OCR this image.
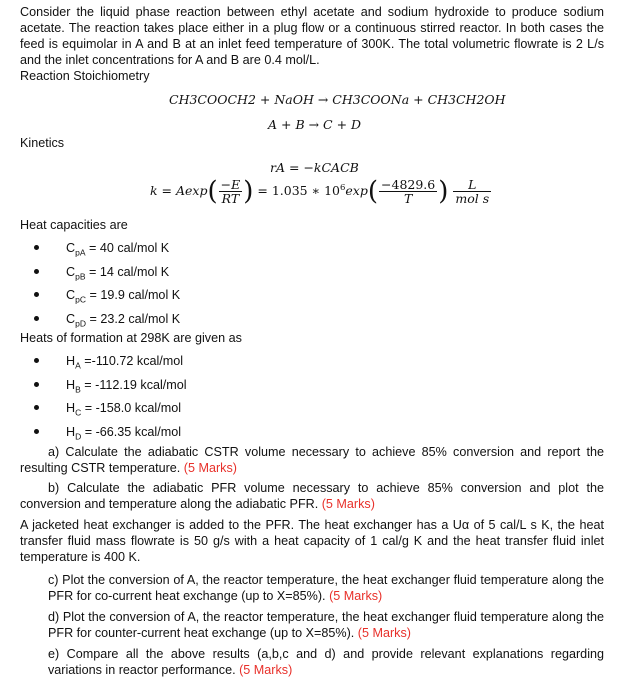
Consider the liquid phase reaction between ethyl acetate and sodium hydroxide to produce sodium acetate. The reaction takes place either in a plug flow or a continuous stirred reactor. In both cases the feed is equimolar in A and B at an inlet feed temperature of 300K. The total volumetric flowrate is 2 L/s and the inlet concentrations for A and B are 0.4 mol/L.

Reaction Stoichiometry

CH3COOCH2 + NaOH → CH3COONa + CH3CH2OH
A + B → C + D

Kinetics

rA = −kCACB
$k = Aexp( \frac{-E}{RT}$ ) = 1.035 ∗ $10^6\exp( \frac{-4829.6}{T}$ ) $\frac{L}{\text{mol s}}$

Heat capacities are

$C_{pA} = 40$ cal/mol K
$C_{pB} = 14$ cal/mol K
$C_{pC} = 19.9$ cal/mol K
$C_{pD} = 23.2$ cal/mol K

Heats of formation at 298K are given as

$H_A =-110.72$ kcal/mol
$H_B = -112.19$ kcal/mol
$H_C = -158.0$ kcal/mol
$H_D = -66.35$ kcal/mol

a) Calculate the adiabatic CSTR volume necessary to achieve 85% conversion and report the resulting CSTR temperature. (5 Marks)

b) Calculate the adiabatic PFR volume necessary to achieve 85% conversion and plot the conversion and temperature along the adiabatic PFR. (5 Marks)

A jacketed heat exchanger is added to the PFR. The heat exchanger has a Uα of 5 cal/L s K, the heat transfer fluid mass flowrate is 50 g/s with a heat capacity of 1 cal/g K and the heat transfer fluid inlet temperature is 400 K.

c) Plot the conversion of A, the reactor temperature, the heat exchanger fluid temperature along the PFR for co-current heat exchange (up to X=85%). (5 Marks)

d) Plot the conversion of A, the reactor temperature, the heat exchanger fluid temperature along the PFR for counter-current heat exchange (up to X=85%). (5 Marks)

e) Compare all the above results (a,b,c and d) and provide relevant explanations regarding variations in reactor performance. (5 Marks)
